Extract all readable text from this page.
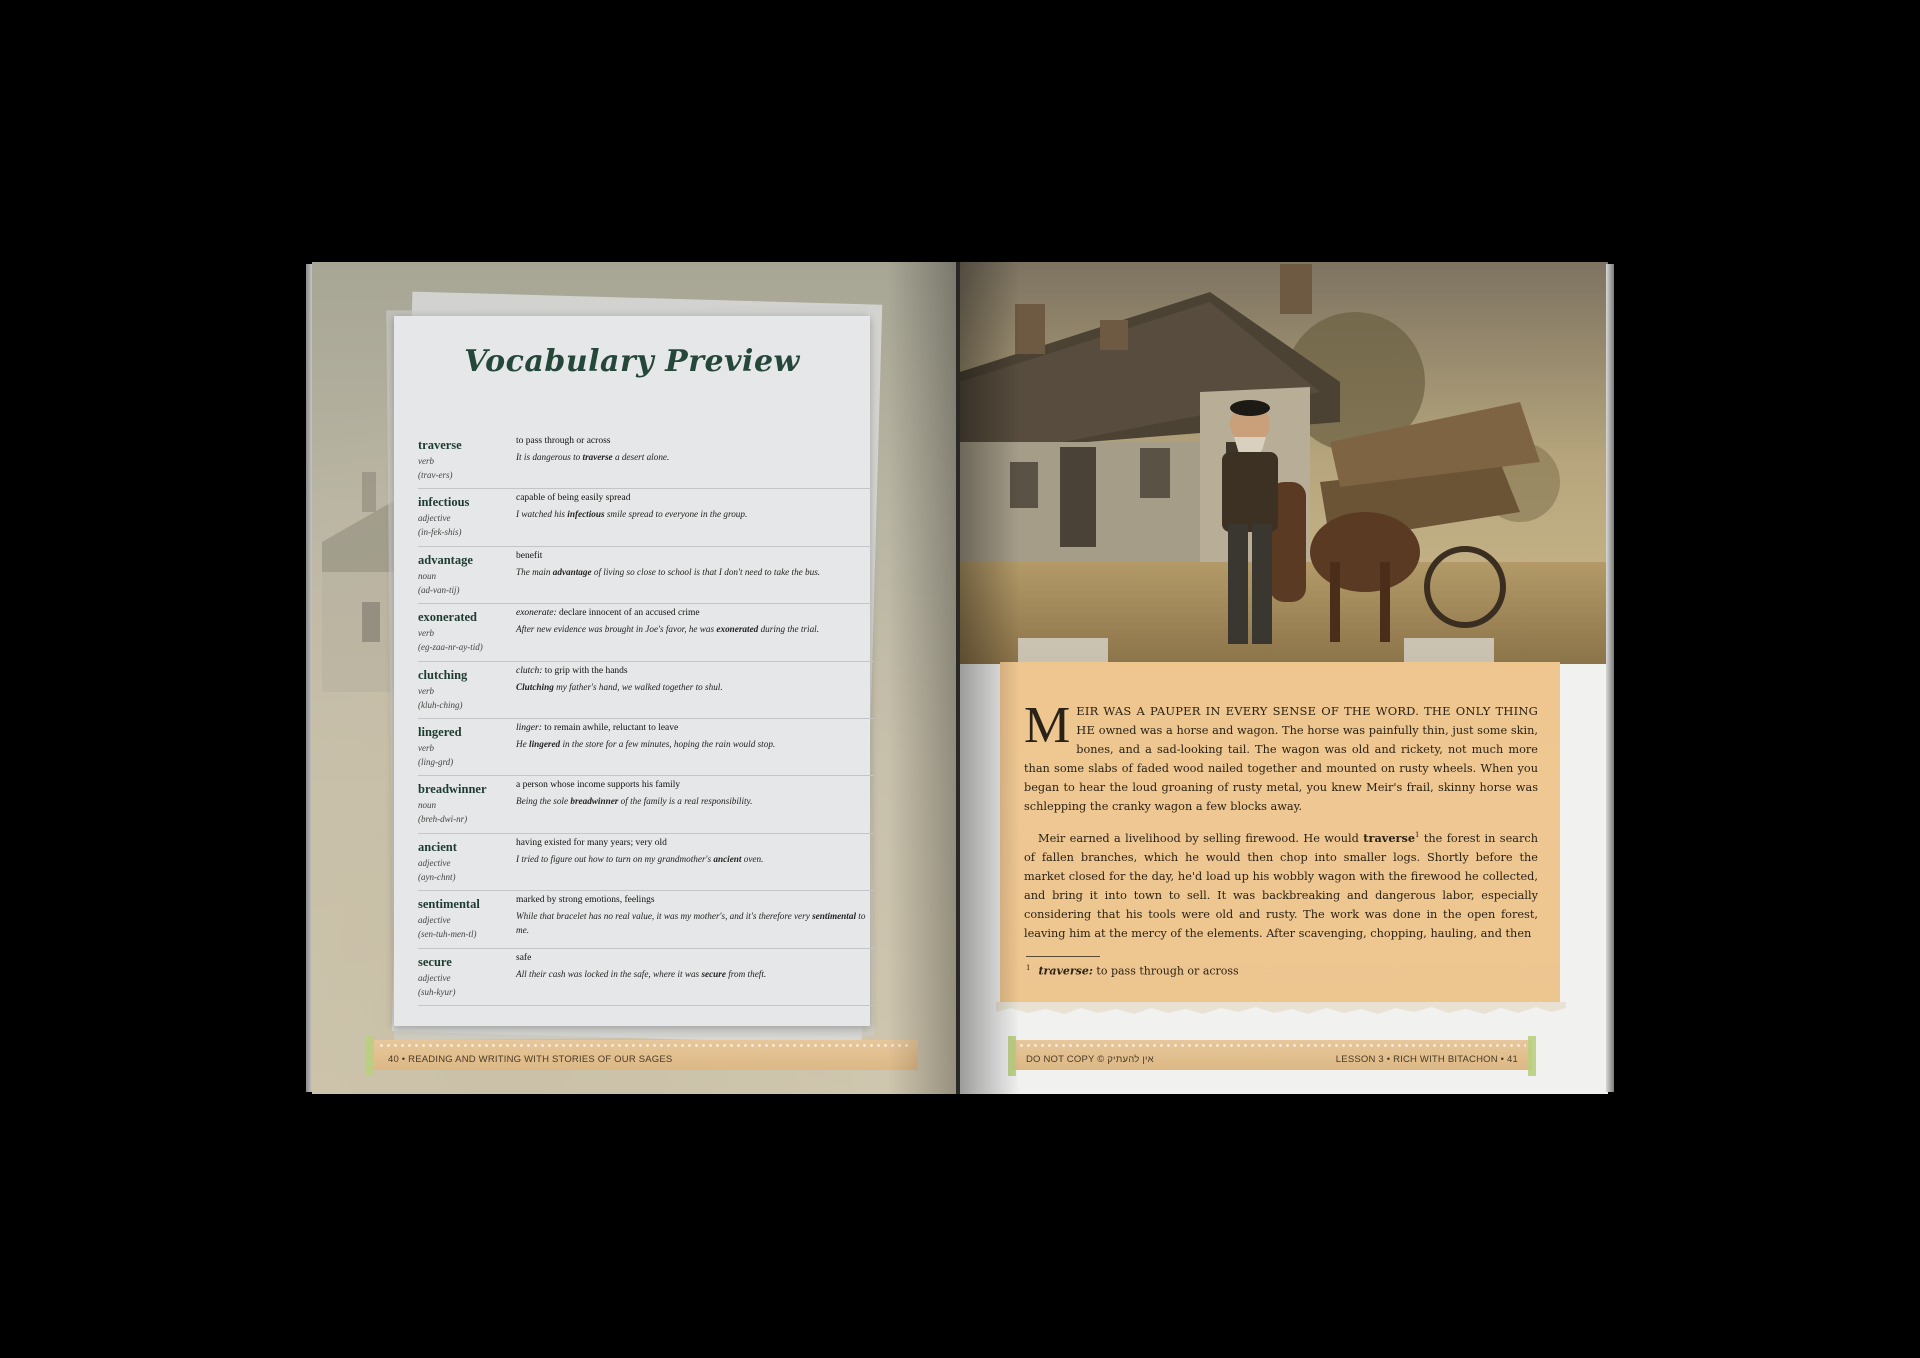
Vocabulary Preview
traverse
verb
(trav-ers)
to pass through or across
It is dangerous to traverse a desert alone.
infectious
adjective
(in-fek-shis)
capable of being easily spread
I watched his infectious smile spread to everyone in the group.
advantage
noun
(ad-van-tij)
benefit
The main advantage of living so close to school is that I don't need to take the bus.
exonerated
verb
(eg-zaa-nr-ay-tid)
exonerate: declare innocent of an accused crime
After new evidence was brought in Joe's favor, he was exonerated during the trial.
clutching
verb
(kluh-ching)
clutch: to grip with the hands
Clutching my father's hand, we walked together to shul.
lingered
verb
(ling-grd)
linger: to remain awhile, reluctant to leave
He lingered in the store for a few minutes, hoping the rain would stop.
breadwinner
noun
(breh-dwi-nr)
a person whose income supports his family
Being the sole breadwinner of the family is a real responsibility.
ancient
adjective
(ayn-chnt)
having existed for many years; very old
I tried to figure out how to turn on my grandmother's ancient oven.
sentimental
adjective
(sen-tuh-men-tl)
marked by strong emotions, feelings
While that bracelet has no real value, it was my mother's, and it's therefore very sentimental to me.
secure
adjective
(suh-kyur)
safe
All their cash was locked in the safe, where it was secure from theft.
40 • READING AND WRITING WITH STORIES OF OUR SAGES

MEIR WAS A PAUPER IN EVERY SENSE OF THE WORD. THE ONLY THING HE owned was a horse and wagon. The horse was painfully thin, just some skin, bones, and a sad-looking tail. The wagon was old and rickety, not much more than some slabs of faded wood nailed together and mounted on rusty wheels. When you began to hear the loud groaning of rusty metal, you knew Meir's frail, skinny horse was schlepping the cranky wagon a few blocks away.

Meir earned a livelihood by selling firewood. He would traverse$^1$ the forest in search of fallen branches, which he would then chop into smaller logs. Shortly before the market closed for the day, he'd load up his wobbly wagon with the firewood he collected, and bring it into town to sell. It was backbreaking and dangerous labor, especially considering that his tools were old and rusty. The work was done in the open forest, leaving him at the mercy of the elements. After scavenging, chopping, hauling, and then

$^1$ traverse: to pass through or across
DO NOT COPY © אין להעתיק	LESSON 3 • RICH WITH BITACHON • 41
